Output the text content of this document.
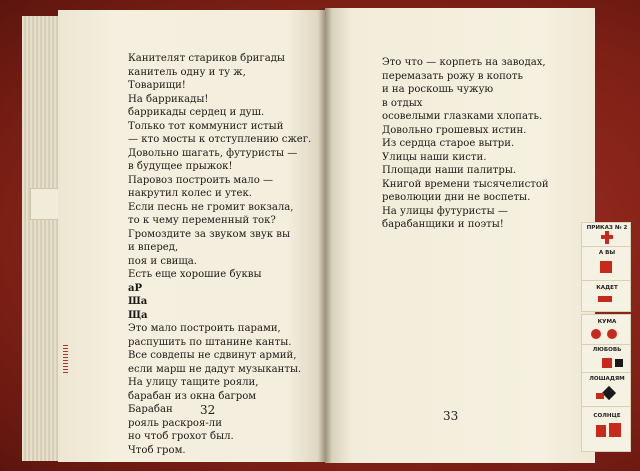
Канителят стариков бригады
канитель одну и ту ж,
Товарищи!
На баррикады!
баррикады сердец и душ.
Только тот коммунист истый
— кто мосты к отступлению сжег.
Довольно шагать, футуристы —
в будущее прыжок!
Паровоз построить мало —
накрутил колес и утек.
Если песнь не громит вокзала,
то к чему переменный ток?
Громоздите за звуком звук вы
и вперед,
поя и свища.
Есть еще хорошие буквы
аР
Ша
Ща
Это мало построить парами,
распушить по штанине канты.
Все совдепы не сдвинут армий,
если марш не дадут музыканты.
На улицу тащите рояли,
барабан из окна багром
Барабан
рояль раскроя-ли
но чтоб грохот был.
Чтоб гром.
32
Это что — корпеть на заводах,
перемазать рожу в копоть
и на роскошь чужую
в отдых
осовелыми глазками хлопать.
Довольно грошевых истин.
Из сердца старое вытри.
Улицы наши кисти.
Площади наши палитры.
Книгой времени тысячелистой
революции дни не воспеты.
На улицы футуристы —
барабанщики и поэты!
33
ПРИКАЗ № 2
А ВЫ
КАДЕТ
КУМА
ЛЮБОВЬ
ЛОШАДЯМ
СОЛНЦЕ
